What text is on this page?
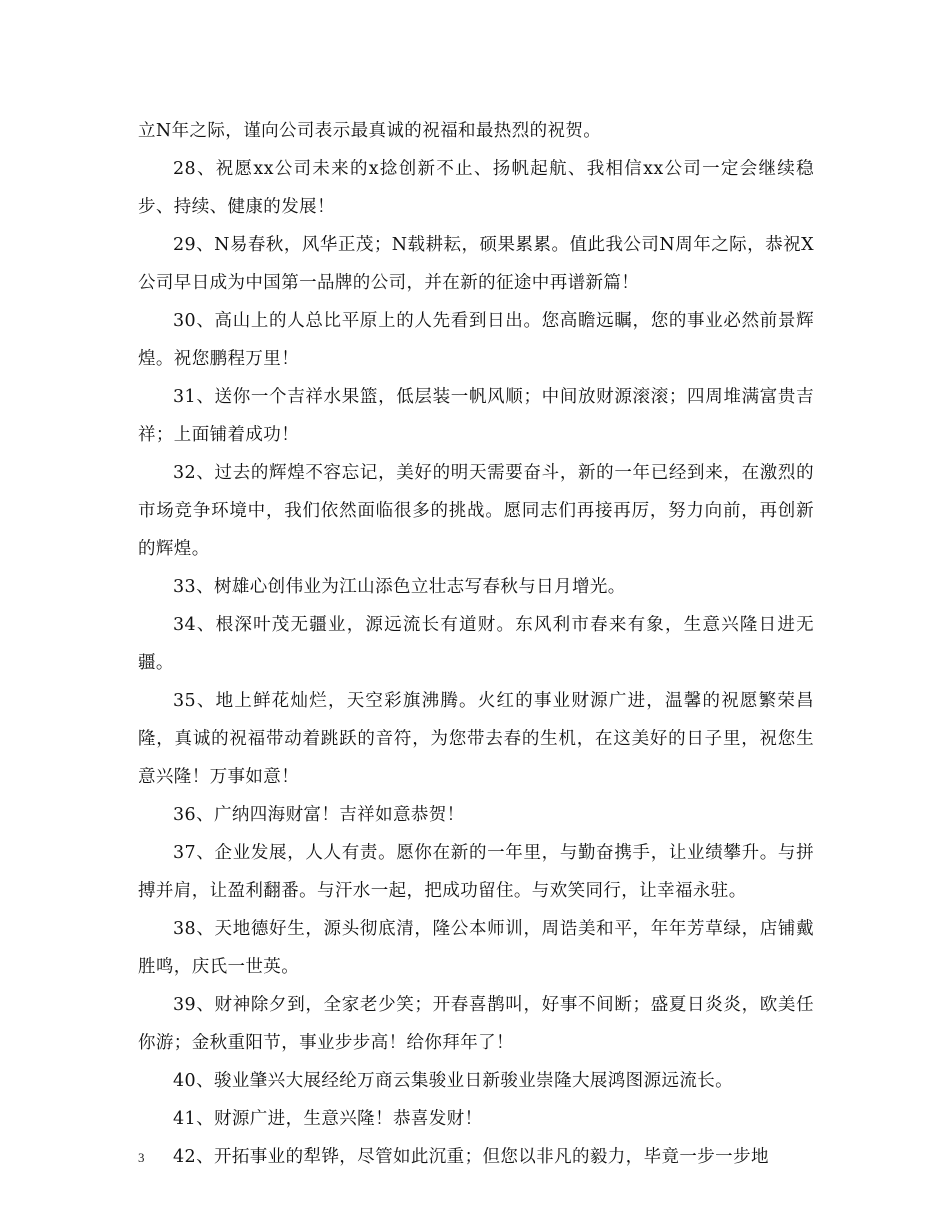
立N年之际，谨向公司表示最真诚的祝福和最热烈的祝贺。

28、祝愿xx公司未来的x捻创新不止、扬帆起航、我相信xx公司一定会继续稳步、持续、健康的发展！

29、N易春秋，风华正茂；N载耕耘，硕果累累。值此我公司N周年之际，恭祝X公司早日成为中国第一品牌的公司，并在新的征途中再谱新篇！

30、高山上的人总比平原上的人先看到日出。您高瞻远瞩，您的事业必然前景辉煌。祝您鹏程万里！

31、送你一个吉祥水果篮，低层装一帆风顺；中间放财源滚滚；四周堆满富贵吉祥；上面铺着成功！

32、过去的辉煌不容忘记，美好的明天需要奋斗，新的一年已经到来，在激烈的市场竞争环境中，我们依然面临很多的挑战。愿同志们再接再厉，努力向前，再创新的辉煌。

33、树雄心创伟业为江山添色立壮志写春秋与日月增光。

34、根深叶茂无疆业，源远流长有道财。东风利市春来有象，生意兴隆日进无疆。

35、地上鲜花灿烂，天空彩旗沸腾。火红的事业财源广进，温馨的祝愿繁荣昌隆，真诚的祝福带动着跳跃的音符，为您带去春的生机，在这美好的日子里，祝您生意兴隆！万事如意！

36、广纳四海财富！吉祥如意恭贺！

37、企业发展，人人有责。愿你在新的一年里，与勤奋携手，让业绩攀升。与拼搏并肩，让盈利翻番。与汗水一起，把成功留住。与欢笑同行，让幸福永驻。

38、天地德好生，源头彻底清，隆公本师训，周诰美和平，年年芳草绿，店铺戴胜鸣，庆氏一世英。

39、财神除夕到，全家老少笑；开春喜鹊叫，好事不间断；盛夏日炎炎，欧美任你游；金秋重阳节，事业步步高！给你拜年了！

40、骏业肇兴大展经纶万商云集骏业日新骏业崇隆大展鸿图源远流长。

41、财源广进，生意兴隆！恭喜发财！

42、开拓事业的犁铧，尽管如此沉重；但您以非凡的毅力，毕竟一步一步地

3
